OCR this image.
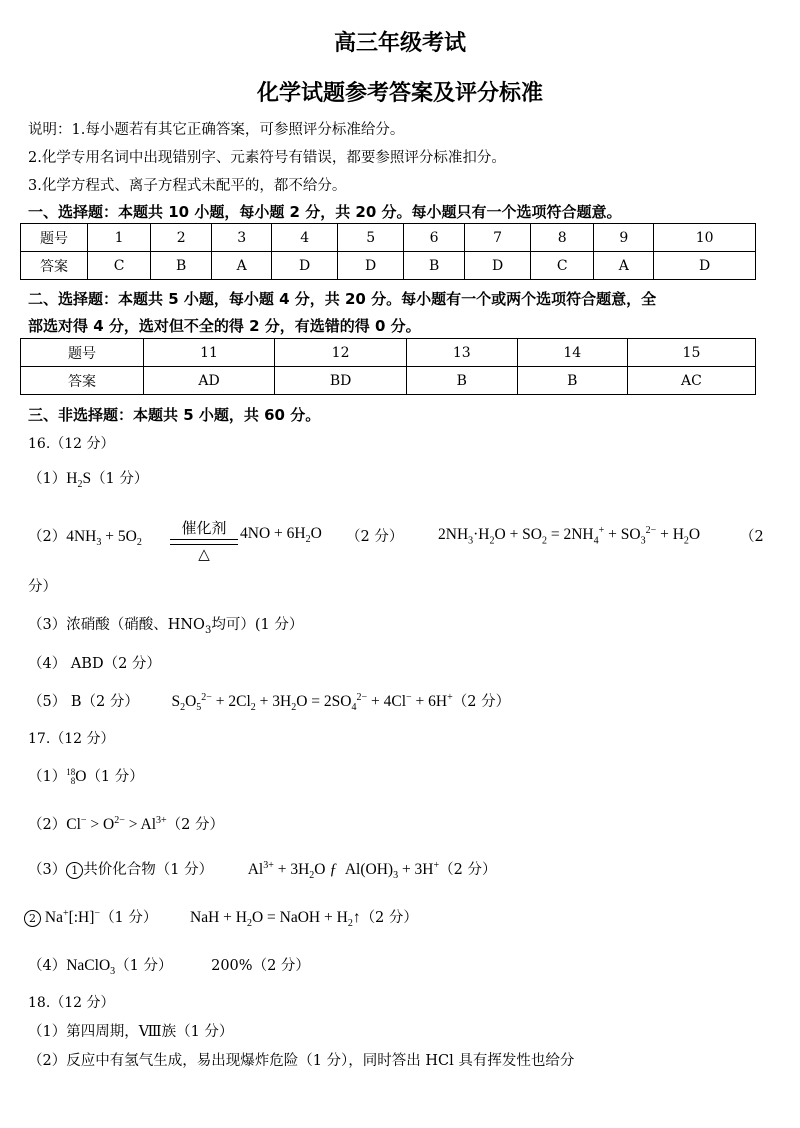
高三年级考试
化学试题参考答案及评分标准
说明：1.每小题若有其它正确答案，可参照评分标准给分。
2.化学专用名词中出现错别字、元素符号有错误，都要参照评分标准扣分。
3.化学方程式、离子方程式未配平的，都不给分。
一、选择题：本题共 10 小题，每小题 2 分，共 20 分。每小题只有一个选项符合题意。
题号	1	2	3	4	5	6	7	8	9	10
答案	C	B	A	D	D	B	D	C	A	D
二、选择题：本题共 5 小题，每小题 4 分，共 20 分。每小题有一个或两个选项符合题意，全
部选对得 4 分，选对但不全的得 2 分，有选错的得 0 分。
题号	11	12	13	14	15
答案	AD	BD	B	B	AC
三、非选择题：本题共 5 小题，共 60 分。
16.（12 分）
$(1)H_2S(1$ 分）
$(2)4NH_3 + 5O_2$
催化剂
△
$4NO + 6H_2O$ （2 分） $2NH_3\cdot H_2O + SO_2 = 2NH_4^+ + SO_3^{2-} + H_2O$	（2
分）
（3）浓硝酸（硝酸、$HNO_3$均可）(1 分）
（4） ABD（2 分）
（5） B（2 分） $S_2O_5^{2-} + 2Cl_2 + 3H_2O = 2SO_4^{2-} + 4Cl^- + 6H^+(2$ 分）
17.（12 分）
（1）18
8O（1 分）
$(2)Cl^- > O^{2-} > Al^{3+}(2$ 分）
（3） 1 共价化合物（1 分） $Al^{3+} + 3H_2O$ ƒ  $Al(OH)_3 + 3H^+(2$ 分）
2 Na+[:H]−（1 分） NaH + $H_2O$ = NaOH + $H_2↑(2$ 分）
（4）NaClO$_3$（1 分）	200%（2 分）
18.（12 分）
（1）第四周期，Ⅷ族（1 分）
（2）反应中有氢气生成，易出现爆炸危险（1 分），同时答出 HCl 具有挥发性也给分
